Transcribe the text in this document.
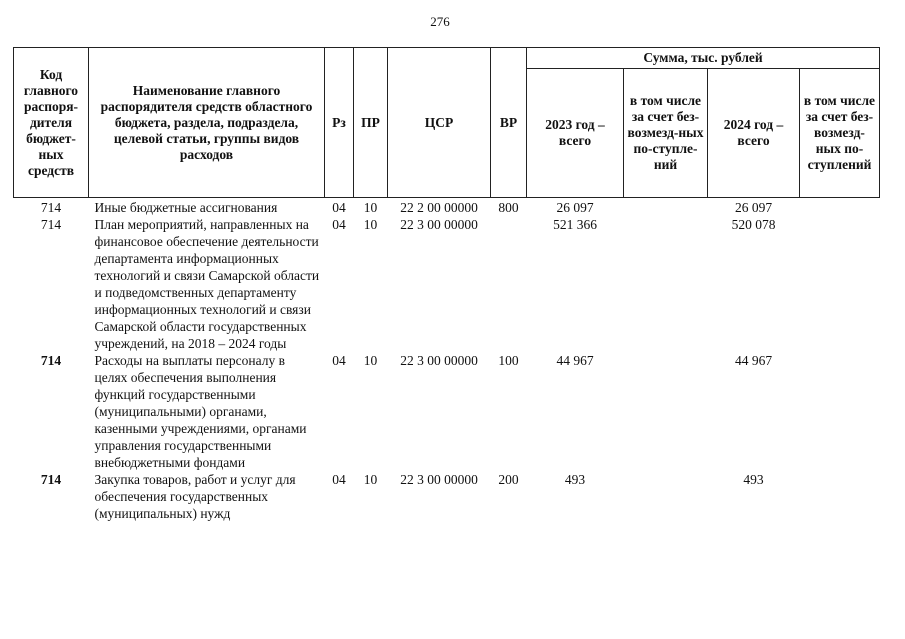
276
Код главного распоря-дителя бюджет-ных средств	Наименование главного распорядителя средств областного бюджета, раздела, подраздела, целевой статьи, группы видов расходов	Рз	ПР	ЦСР	ВР	Сумма, тыс. рублей			
						2023 год – всего	в том числе за счет без-возмезд-ных по-ступле-ний	2024 год – всего	в том числе за счет без-возмезд-ных по-ступлений
714	Иные бюджетные ассигнования	04	10	22 2 00 00000	800	26 097		26 097	
714	План мероприятий, направленных на финансовое обеспечение деятельности департамента информационных технологий и связи Самарской области и подведомственных департаменту информационных технологий и связи Самарской области государственных учреждений, на 2018 – 2024 годы	04	10	22 3 00 00000		521 366		520 078	
714	Расходы на выплаты персоналу в целях обеспечения выполнения функций государственными (муниципальными) органами, казенными учреждениями, органами управления государственными внебюджетными фондами	04	10	22 3 00 00000	100	44 967		44 967	
714	Закупка товаров, работ и услуг для обеспечения государственных (муниципальных) нужд	04	10	22 3 00 00000	200	493		493	
